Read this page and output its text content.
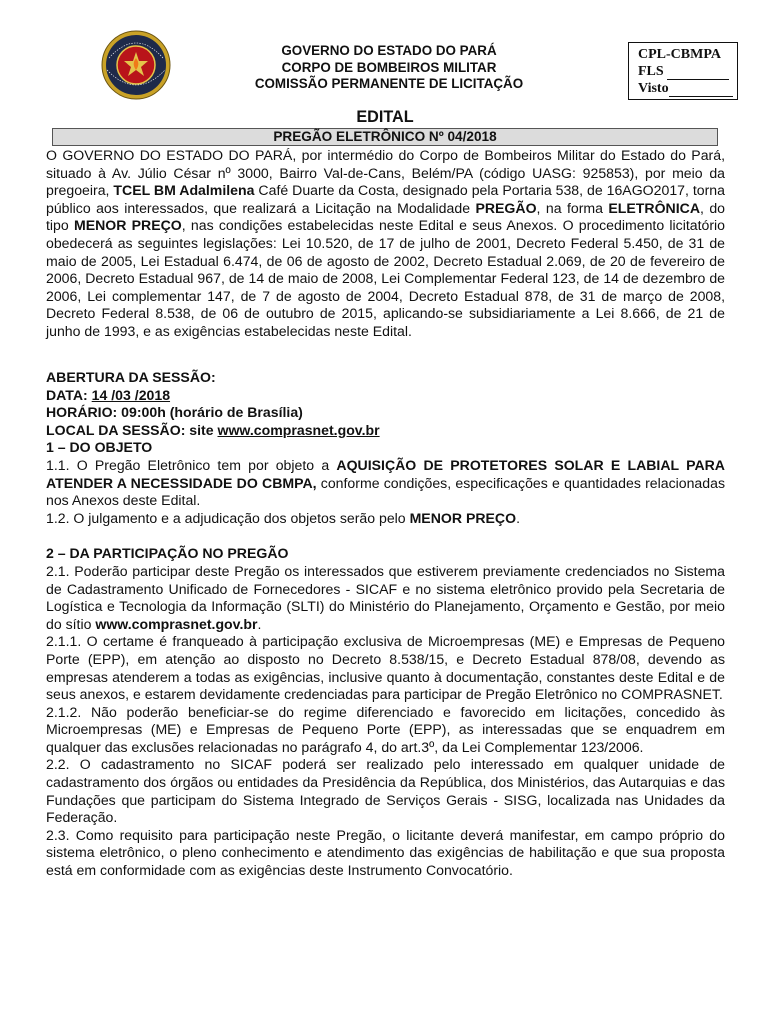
GOVERNO DO ESTADO DO PARÁ
CORPO DE BOMBEIROS MILITAR
COMISSÃO PERMANENTE DE LICITAÇÃO
CPL-CBMPA
FLS
Visto
EDITAL
PREGÃO ELETRÔNICO Nº 04/2018

O GOVERNO DO ESTADO DO PARÁ, por intermédio do Corpo de Bombeiros Militar do Estado do Pará, situado à Av. Júlio César nº 3000, Bairro Val-de-Cans, Belém/PA (código UASG: 925853), por meio da pregoeira, TCEL BM Adalmilena Café Duarte da Costa, designado pela Portaria 538, de 16AGO2017, torna público aos interessados, que realizará a Licitação na Modalidade PREGÃO, na forma ELETRÔNICA, do tipo MENOR PREÇO, nas condições estabelecidas neste Edital e seus Anexos. O procedimento licitatório obedecerá as seguintes legislações: Lei 10.520, de 17 de julho de 2001, Decreto Federal 5.450, de 31 de maio de 2005, Lei Estadual 6.474, de 06 de agosto de 2002, Decreto Estadual 2.069, de 20 de fevereiro de 2006, Decreto Estadual 967, de 14 de maio de 2008, Lei Complementar Federal 123, de 14 de dezembro de 2006, Lei complementar 147, de 7 de agosto de 2004, Decreto Estadual 878, de 31 de março de 2008, Decreto Federal 8.538, de 06 de outubro de 2015, aplicando-se subsidiariamente a Lei 8.666, de 21 de junho de 1993, e as exigências estabelecidas neste Edital.

ABERTURA DA SESSÃO:

DATA: 14 /03 /2018

HORÁRIO: 09:00h (horário de Brasília)

LOCAL DA SESSÃO: site www.comprasnet.gov.br

1 – DO OBJETO

1.1. O Pregão Eletrônico tem por objeto a AQUISIÇÃO DE PROTETORES SOLAR E LABIAL PARA ATENDER A NECESSIDADE DO CBMPA, conforme condições, especificações e quantidades relacionadas nos Anexos deste Edital.

1.2. O julgamento e a adjudicação dos objetos serão pelo MENOR PREÇO.

2 – DA PARTICIPAÇÃO NO PREGÃO

2.1. Poderão participar deste Pregão os interessados que estiverem previamente credenciados no Sistema de Cadastramento Unificado de Fornecedores - SICAF e no sistema eletrônico provido pela Secretaria de Logística e Tecnologia da Informação (SLTI) do Ministério do Planejamento, Orçamento e Gestão, por meio do sítio www.comprasnet.gov.br.

2.1.1. O certame é franqueado à participação exclusiva de Microempresas (ME) e Empresas de Pequeno Porte (EPP), em atenção ao disposto no Decreto 8.538/15, e Decreto Estadual 878/08, devendo as empresas atenderem a todas as exigências, inclusive quanto à documentação, constantes deste Edital e de seus anexos, e estarem devidamente credenciadas para participar de Pregão Eletrônico no COMPRASNET.

2.1.2. Não poderão beneficiar-se do regime diferenciado e favorecido em licitações, concedido às Microempresas (ME) e Empresas de Pequeno Porte (EPP), as interessadas que se enquadrem em qualquer das exclusões relacionadas no parágrafo 4, do art.3º, da Lei Complementar 123/2006.

2.2. O cadastramento no SICAF poderá ser realizado pelo interessado em qualquer unidade de cadastramento dos órgãos ou entidades da Presidência da República, dos Ministérios, das Autarquias e das Fundações que participam do Sistema Integrado de Serviços Gerais - SISG, localizada nas Unidades da Federação.

2.3. Como requisito para participação neste Pregão, o licitante deverá manifestar, em campo próprio do sistema eletrônico, o pleno conhecimento e atendimento das exigências de habilitação e que sua proposta está em conformidade com as exigências deste Instrumento Convocatório.
